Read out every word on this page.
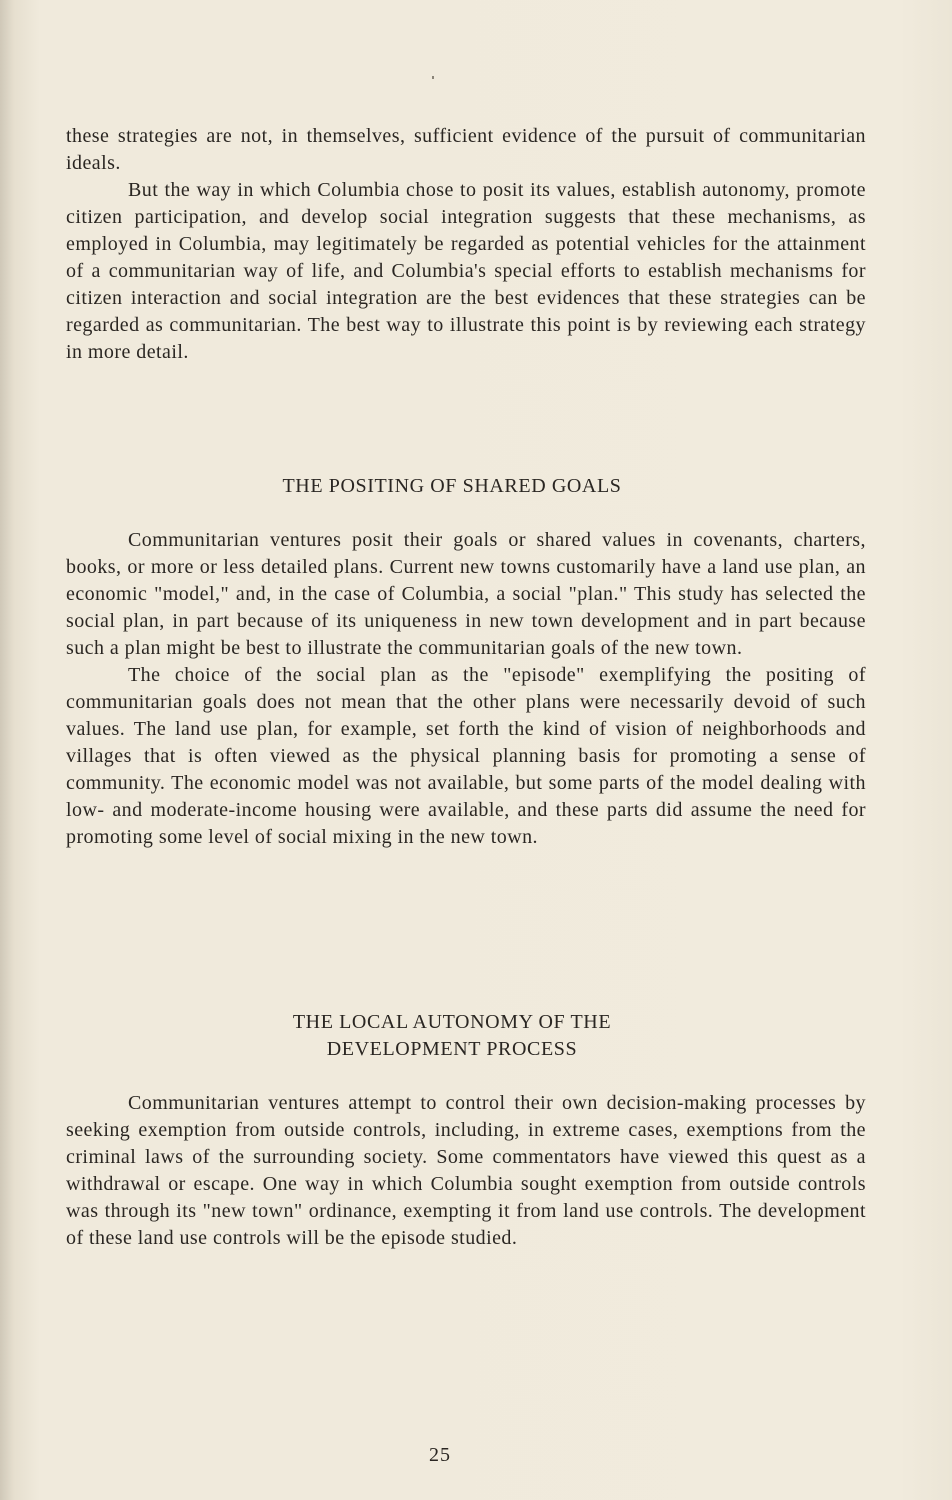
these strategies are not, in themselves, sufficient evidence of the pursuit of communitarian ideals.

But the way in which Columbia chose to posit its values, establish autonomy, promote citizen participation, and develop social integration suggests that these mechanisms, as employed in Columbia, may legitimately be regarded as potential vehicles for the attainment of a communitarian way of life, and Columbia's special efforts to establish mechanisms for citizen interaction and social integration are the best evidences that these strategies can be regarded as communitarian. The best way to illustrate this point is by reviewing each strategy in more detail.

THE POSITING OF SHARED GOALS

Communitarian ventures posit their goals or shared values in covenants, charters, books, or more or less detailed plans. Current new towns customarily have a land use plan, an economic "model," and, in the case of Columbia, a social "plan." This study has selected the social plan, in part because of its uniqueness in new town development and in part because such a plan might be best to illustrate the communitarian goals of the new town.

The choice of the social plan as the "episode" exemplifying the positing of communitarian goals does not mean that the other plans were necessarily devoid of such values. The land use plan, for example, set forth the kind of vision of neighborhoods and villages that is often viewed as the physical planning basis for promoting a sense of community. The economic model was not available, but some parts of the model dealing with low- and moderate-income housing were available, and these parts did assume the need for promoting some level of social mixing in the new town.

THE LOCAL AUTONOMY OF THE

DEVELOPMENT PROCESS

Communitarian ventures attempt to control their own decision-making processes by seeking exemption from outside controls, including, in extreme cases, exemptions from the criminal laws of the surrounding society. Some commentators have viewed this quest as a withdrawal or escape. One way in which Columbia sought exemption from outside controls was through its "new town" ordinance, exempting it from land use controls. The development of these land use controls will be the episode studied.

25
